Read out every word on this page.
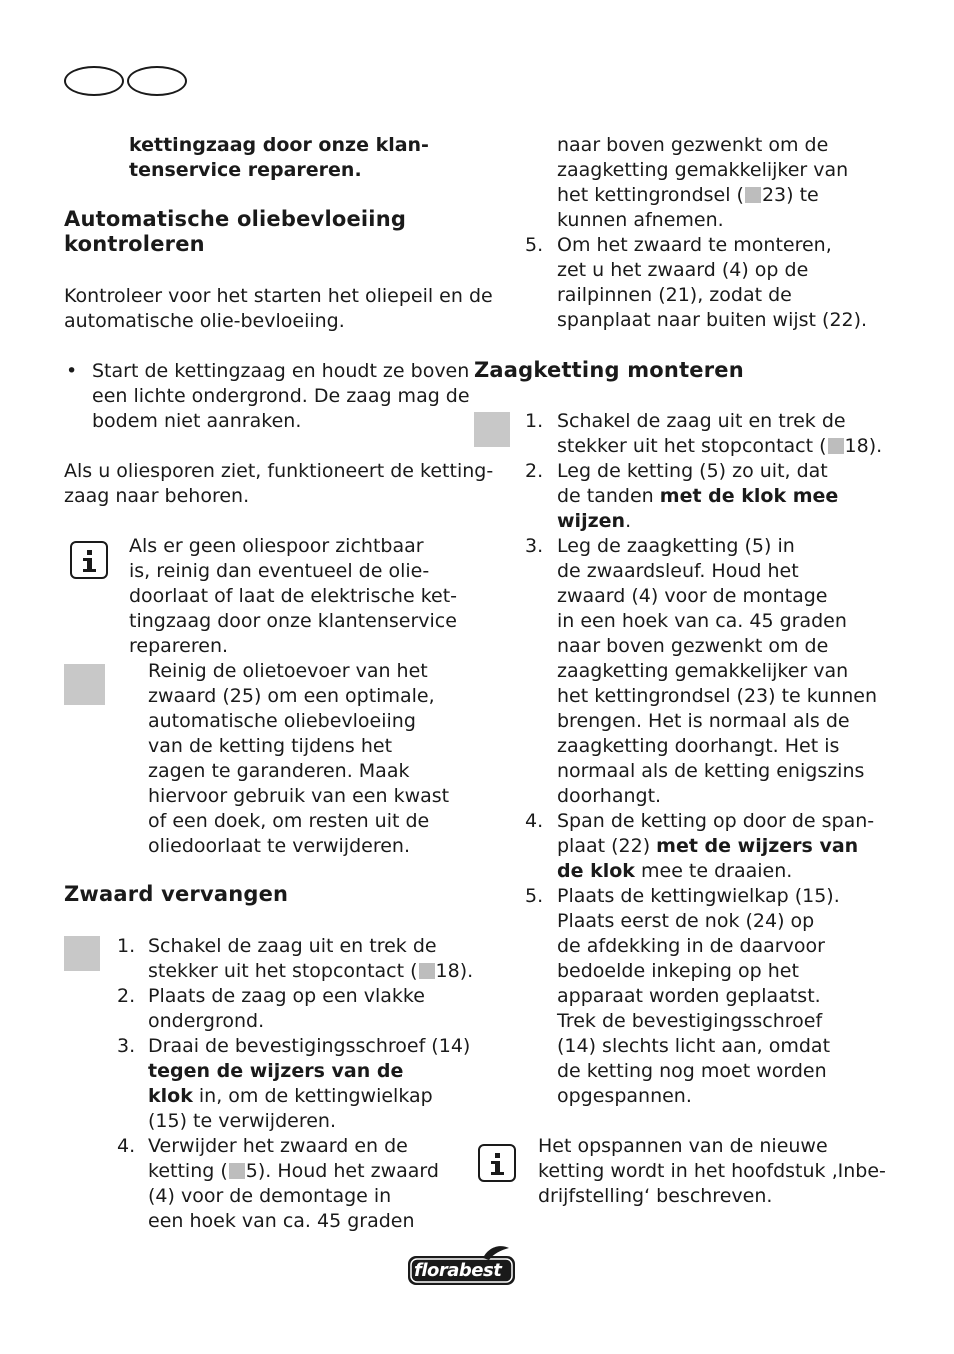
kettingzaag door onze klan-
tenservice repareren.
Automatische oliebevloeiing
kontroleren
Kontroleer voor het starten het oliepeil en de
automatische olie-bevloeiing.
• Start de kettingzaag en houdt ze boven
een lichte ondergrond. De zaag mag de
bodem niet aanraken.
Als u oliesporen ziet, funktioneert de ketting-
zaag naar behoren.
Als er geen oliespoor zichtbaar
is, reinig dan eventueel de olie-
doorlaat of laat de elektrische ket-
tingzaag door onze klantenservice
repareren.
Reinig de olietoevoer van het
zwaard (25) om een optimale,
automatische oliebevloeiing
van de ketting tijdens het
zagen te garanderen. Maak
hiervoor gebruik van een kwast
of een doek, om resten uit de
oliedoorlaat te verwijderen.
Zwaard vervangen
1. Schakel de zaag uit en trek de
stekker uit het stopcontact ( 18).
2. Plaats de zaag op een vlakke
ondergrond.
3. Draai de bevestigingsschroef (14)
tegen de wijzers van de
klok in, om de kettingwielkap
(15) te verwijderen.
4. Verwijder het zwaard en de
ketting ( 5). Houd het zwaard
(4) voor de demontage in
een hoek van ca. 45 graden
naar boven gezwenkt om de
zaagketting gemakkelijker van
het kettingrondsel ( 23) te
kunnen afnemen.
5. Om het zwaard te monteren,
zet u het zwaard (4) op de
railpinnen (21), zodat de
spanplaat naar buiten wijst (22).
Zaagketting monteren
1. Schakel de zaag uit en trek de
stekker uit het stopcontact ( 18).
2. Leg de ketting (5) zo uit, dat
de tanden met de klok mee
wijzen.
3. Leg de zaagketting (5) in
de zwaardsleuf. Houd het
zwaard (4) voor de montage
in een hoek van ca. 45 graden
naar boven gezwenkt om de
zaagketting gemakkelijker van
het kettingrondsel (23) te kunnen
brengen. Het is normaal als de
zaagketting doorhangt. Het is
normaal als de ketting enigszins
doorhangt.
4. Span de ketting op door de span-
plaat (22) met de wijzers van
de klok mee te draaien.
5. Plaats de kettingwielkap (15).
Plaats eerst de nok (24) op
de afdekking in de daarvoor
bedoelde inkeping op het
apparaat worden geplaatst.
Trek de bevestigingsschroef
(14) slechts licht aan, omdat
de ketting nog moet worden
opgespannen.
Het opspannen van de nieuwe
ketting wordt in het hoofdstuk ‚Inbe-
drijfstelling‘ beschreven.
florabest
